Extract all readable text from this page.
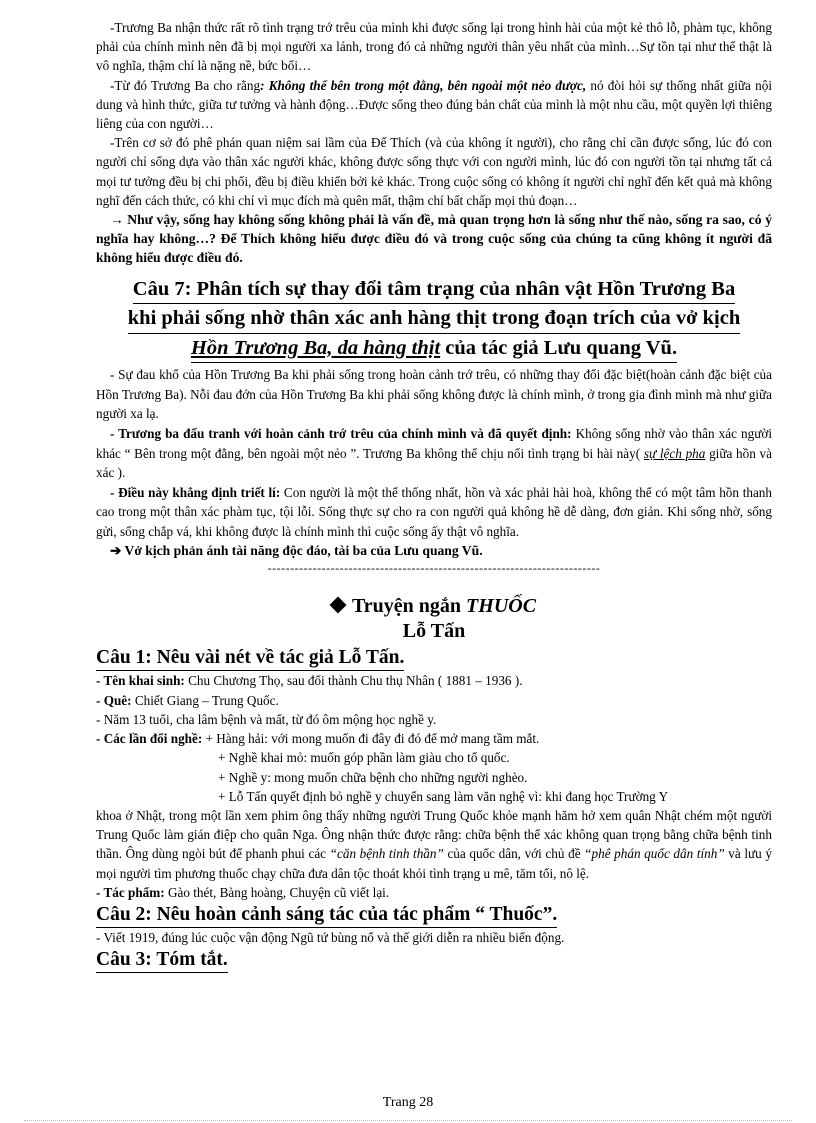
-Trương Ba nhận thức rất rõ tình trạng trớ trêu của mình khi được sống lại trong hình hài của một kẻ thô lỗ, phàm tục, không phải của chính mình nên đã bị mọi người xa lánh, trong đó cả những người thân yêu nhất của mình…Sự tồn tại như thế thật là vô nghĩa, thậm chí là nặng nề, bức bối…

-Từ đó Trương Ba cho rằng: Không thể bên trong một đằng, bên ngoài một nẻo được, nó đòi hỏi sự thống nhất giữa nội dung và hình thức, giữa tư tưởng và hành động…Được sống theo đúng bản chất của mình là một nhu cầu, một quyền lợi thiêng liêng của con người…

-Trên cơ sở đó phê phán quan niệm sai lầm của Đế Thích (và của không ít người), cho rằng chỉ cần được sống, lúc đó con người chỉ sống dựa vào thân xác người khác, không được sống thực với con người mình, lúc đó con người tồn tại nhưng tất cả mọi tư tưởng đều bị chi phối, đều bị điều khiển bởi kẻ khác. Trong cuộc sống có không ít người chỉ nghĩ đến kết quả mà không nghĩ đến cách thức, có khi chỉ vì mục đích mà quên mất, thậm chí bất chấp mọi thủ đoạn…

→ Như vậy, sống hay không sống không phải là vấn đề, mà quan trọng hơn là sống như thế nào, sống ra sao, có ý nghĩa hay không…? Để Thích không hiểu được điều đó và trong cuộc sống của chúng ta cũng không ít người đã không hiểu được điều đó.

Câu 7: Phân tích sự thay đổi tâm trạng của nhân vật Hồn Trương Ba
khi phải sống nhờ thân xác anh hàng thịt trong đoạn trích của vở kịch
Hồn Trương Ba, da hàng thịt của tác giả Lưu quang Vũ.

- Sự đau khổ của Hồn Trương Ba khi phải sống trong hoàn cảnh trớ trêu, có những thay đổi đặc biệt(hoàn cảnh đặc biệt của Hồn Trương Ba). Nỗi đau đớn của Hồn Trương Ba khi phải sống không được là chính mình, ở trong gia đình mình mà như giữa người xa lạ.

- Trương ba đấu tranh với hoàn cảnh trớ trêu của chính mình và đã quyết định: Không sống nhờ vào thân xác người khác “ Bên trong một đằng, bên ngoài một nẻo ”. Trương Ba không thể chịu nổi tình trạng bi hài này( sự lệch pha giữa hồn và xác ).

- Điều này khẳng định triết lí: Con người là một thể thống nhất, hồn và xác phải hài hoà, không thể có một tâm hồn thanh cao trong một thân xác phàm tục, tội lỗi. Sống thực sự cho ra con người quả không hề dễ dàng, đơn giản. Khi sống nhờ, sống gửi, sống chắp vá, khi không được là chính mình thì cuộc sống ấy thật vô nghĩa.

➔ Vở kịch phản ánh tài năng độc đáo, tài ba của Lưu quang Vũ.

--------------------------------------------------------------------------

Truyện ngắn THUỐC
Lỗ Tấn
Câu 1: Nêu vài nét về tác giả Lỗ Tấn.

- Tên khai sinh: Chu Chương Thọ, sau đổi thành Chu thụ Nhân ( 1881 – 1936 ).

- Quê: Chiết Giang – Trung Quốc.

- Năm 13 tuổi, cha lâm bệnh và mất, từ đó ôm mộng học nghề y.

- Các lần đổi nghề: + Hàng hải: với mong muốn đi đây đi đó để mở mang tầm mắt.

+ Nghề khai mỏ: muốn góp phần làm giàu cho tổ quốc.

+ Nghề y: mong muốn chữa bệnh cho những người nghèo.

+ Lỗ Tấn quyết định bỏ nghề y chuyển sang làm văn nghệ vì: khi đang học Trường Y

khoa ở Nhật, trong một lần xem phim ông thấy những người Trung Quốc khỏe mạnh hăm hở xem quân Nhật chém một người Trung Quốc làm gián điệp cho quân Nga. Ông nhận thức được rằng: chữa bệnh thể xác không quan trọng bằng chữa bệnh tinh thần. Ông dùng ngòi bút để phanh phui các “căn bệnh tinh thần” của quốc dân, với chủ đề “phê phán quốc dân tính” và lưu ý mọi người tìm phương thuốc chạy chữa đưa dân tộc thoát khỏi tình trạng u mê, tăm tối, nô lệ.

- Tác phẩm: Gào thét, Bàng hoàng, Chuyện cũ viết lại.

Câu 2: Nêu hoàn cảnh sáng tác của tác phẩm “ Thuốc”.

- Viết 1919, đúng lúc cuộc vận động Ngũ tứ bùng nổ và thế giới diễn ra nhiều biến động.

Câu 3: Tóm tắt.
Trang 28
